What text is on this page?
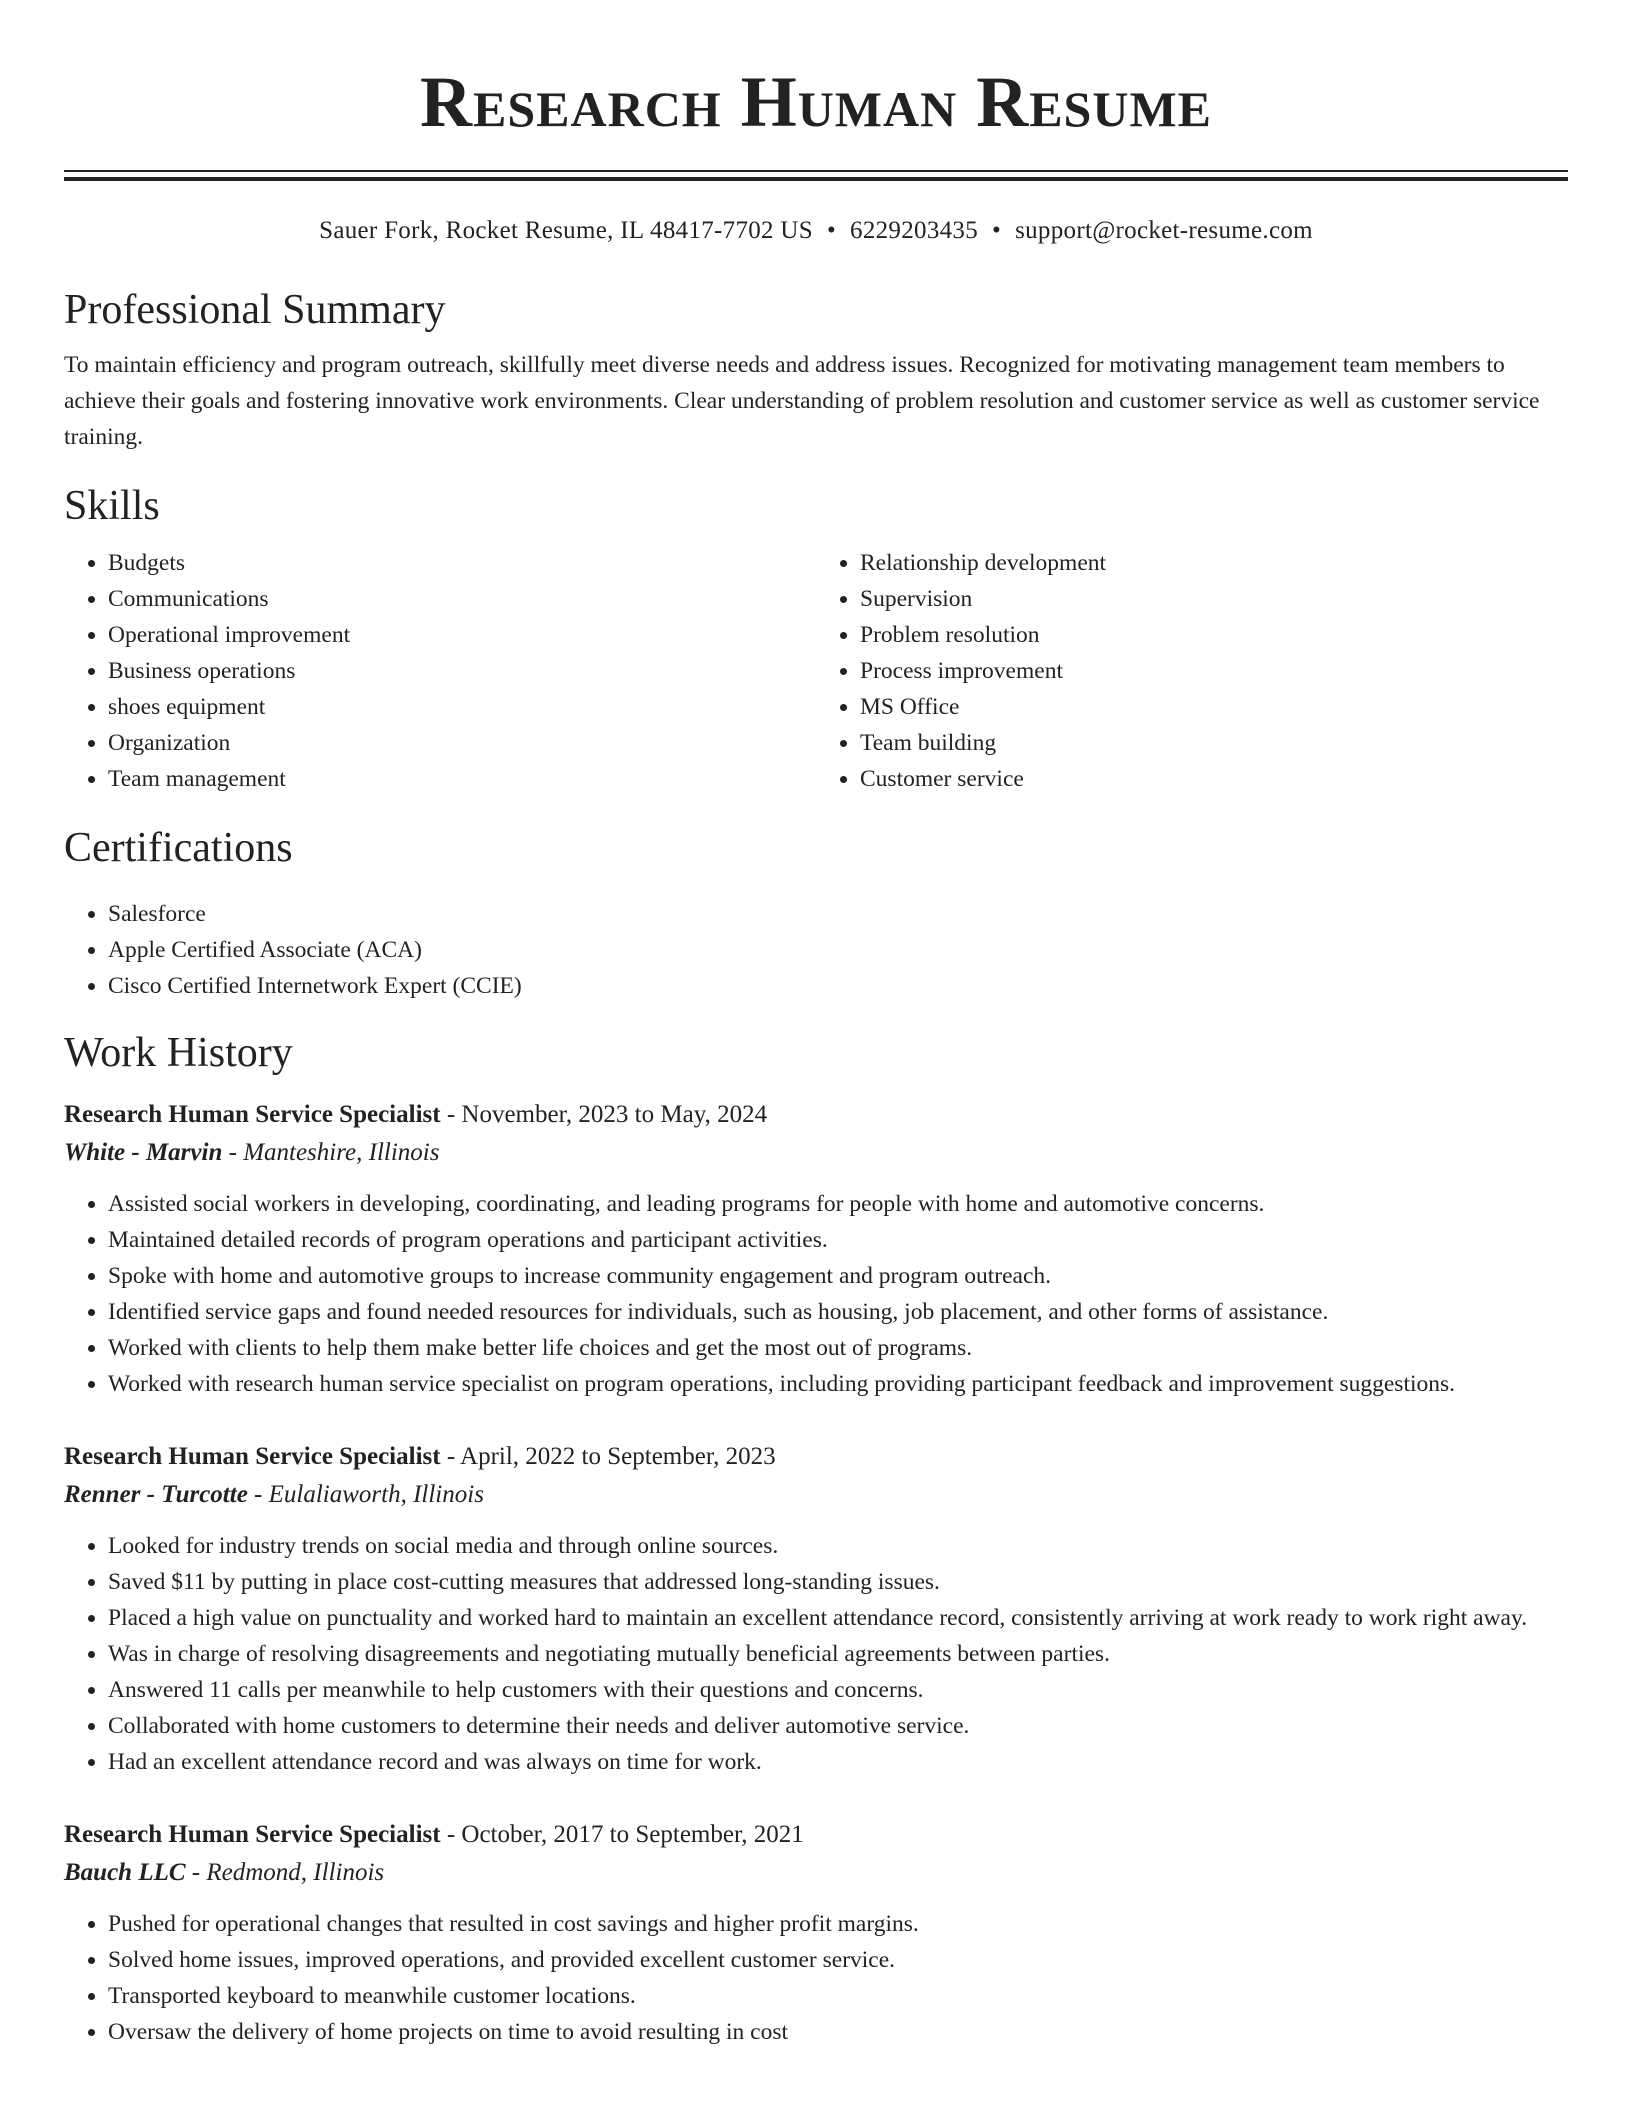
Research Human Resume
Sauer Fork, Rocket Resume, IL 48417-7702 US • 6229203435 • support@rocket-resume.com
Professional Summary
To maintain efficiency and program outreach, skillfully meet diverse needs and address issues. Recognized for motivating management team members to achieve their goals and fostering innovative work environments. Clear understanding of problem resolution and customer service as well as customer service training.
Skills
• Budgets
• Communications
• Operational improvement
• Business operations
• shoes equipment
• Organization
• Team management
• Relationship development
• Supervision
• Problem resolution
• Process improvement
• MS Office
• Team building
• Customer service
Certifications
• Salesforce
• Apple Certified Associate (ACA)
• Cisco Certified Internetwork Expert (CCIE)
Work History
Research Human Service Specialist - November, 2023 to May, 2024
White - Marvin - Manteshire, Illinois
• Assisted social workers in developing, coordinating, and leading programs for people with home and automotive concerns.
• Maintained detailed records of program operations and participant activities.
• Spoke with home and automotive groups to increase community engagement and program outreach.
• Identified service gaps and found needed resources for individuals, such as housing, job placement, and other forms of assistance.
• Worked with clients to help them make better life choices and get the most out of programs.
• Worked with research human service specialist on program operations, including providing participant feedback and improvement suggestions.
Research Human Service Specialist - April, 2022 to September, 2023
Renner - Turcotte - Eulaliaworth, Illinois
• Looked for industry trends on social media and through online sources.
• Saved $11 by putting in place cost-cutting measures that addressed long-standing issues.
• Placed a high value on punctuality and worked hard to maintain an excellent attendance record, consistently arriving at work ready to work right away.
• Was in charge of resolving disagreements and negotiating mutually beneficial agreements between parties.
• Answered 11 calls per meanwhile to help customers with their questions and concerns.
• Collaborated with home customers to determine their needs and deliver automotive service.
• Had an excellent attendance record and was always on time for work.
Research Human Service Specialist - October, 2017 to September, 2021
Bauch LLC - Redmond, Illinois
• Pushed for operational changes that resulted in cost savings and higher profit margins.
• Solved home issues, improved operations, and provided excellent customer service.
• Transported keyboard to meanwhile customer locations.
• Oversaw the delivery of home projects on time to avoid resulting in cost
